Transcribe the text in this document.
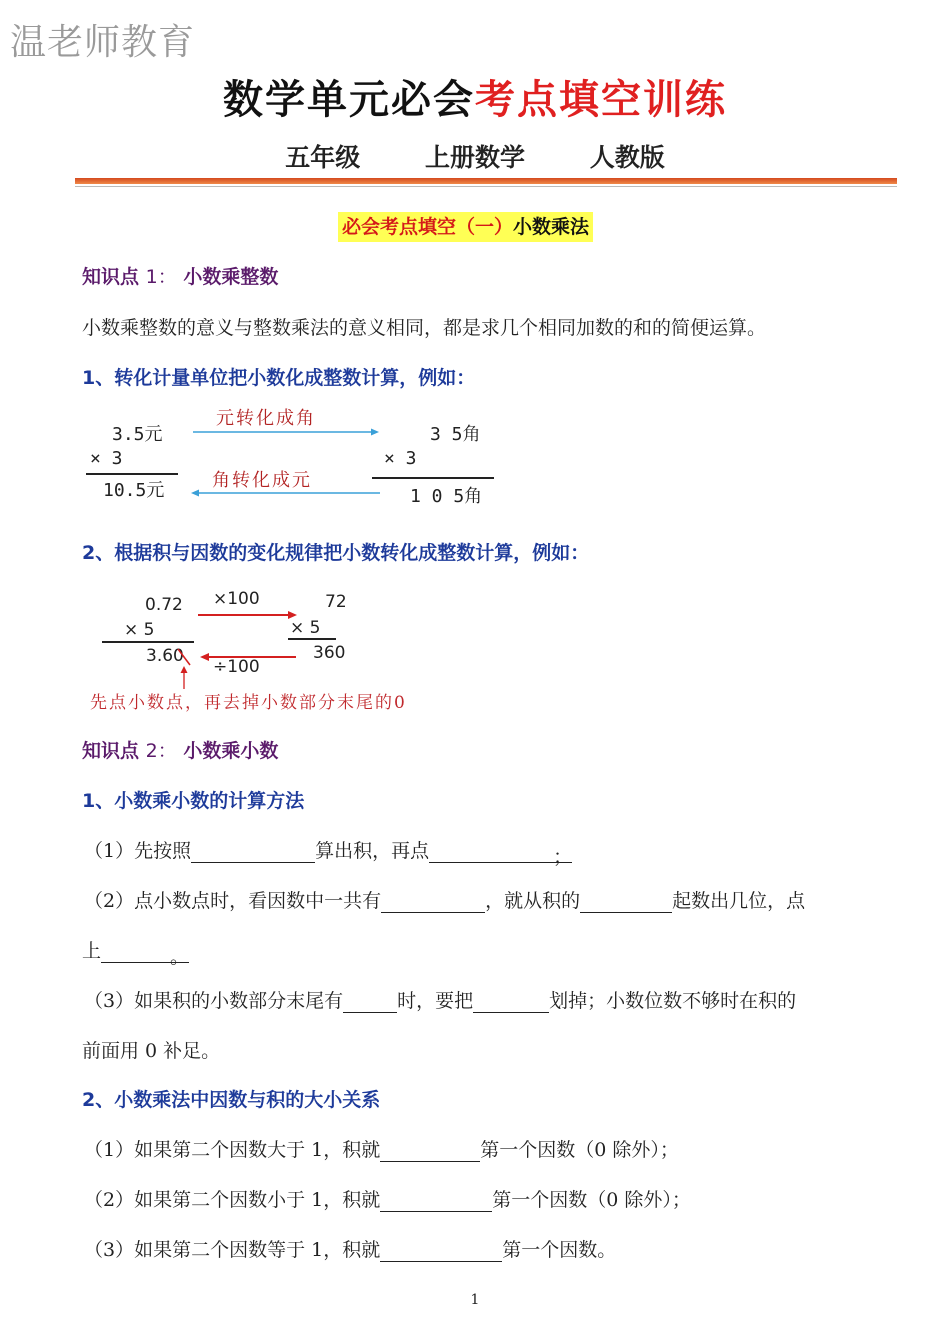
温老师教育
数学单元必会考点填空训练
五年级	上册数学	人教版
必会考点填空（一）小数乘法
知识点 1： 小数乘整数
小数乘整数的意义与整数乘法的意义相同，都是求几个相同加数的和的简便运算。
1、转化计量单位把小数化成整数计算，例如：
3.5元
× 3
10.5元
元转化成角
角转化成元
3 5角
× 3
1 0 5角
2、根据积与因数的变化规律把小数转化成整数计算，例如：
0.72
× 5
3.60
×100
÷100
72
× 5
360
先点小数点，再去掉小数部分末尾的0
知识点 2： 小数乘小数
1、小数乘小数的计算方法
（1）先按照	算出积，再点	；
（2）点小数点时，看因数中一共有	，就从积的	起数出几位，点
上	。
（3）如果积的小数部分末尾有	时，要把	划掉；小数位数不够时在积的
前面用 0 补足。
2、小数乘法中因数与积的大小关系
（1）如果第二个因数大于 1，积就	第一个因数（0 除外）；
（2）如果第二个因数小于 1，积就	第一个因数（0 除外）；
（3）如果第二个因数等于 1，积就	第一个因数。
1
